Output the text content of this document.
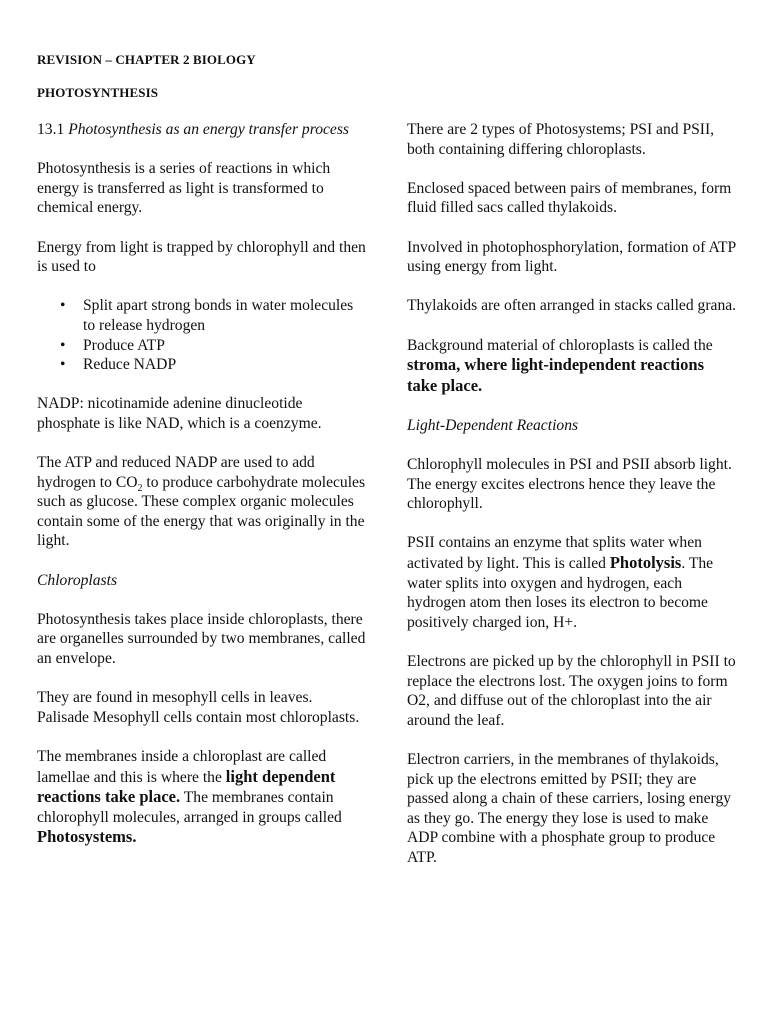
REVISION – CHAPTER 2 BIOLOGY
PHOTOSYNTHESIS

13.1 Photosynthesis as an energy transfer process

Photosynthesis is a series of reactions in which energy is transferred as light is transformed to chemical energy.

Energy from light is trapped by chlorophyll and then is used to

• Split apart strong bonds in water molecules to release hydrogen
• Produce ATP
• Reduce NADP

NADP: nicotinamide adenine dinucleotide phosphate is like NAD, which is a coenzyme.

The ATP and reduced NADP are used to add hydrogen to $CO_2$ to produce carbohydrate molecules such as glucose. These complex organic molecules contain some of the energy that was originally in the light.

Chloroplasts

Photosynthesis takes place inside chloroplasts, there are organelles surrounded by two membranes, called an envelope.

They are found in mesophyll cells in leaves. Palisade Mesophyll cells contain most chloroplasts.

The membranes inside a chloroplast are called lamellae and this is where the light dependent reactions take place. The membranes contain chlorophyll molecules, arranged in groups called Photosystems.

There are 2 types of Photosystems; PSI and PSII, both containing differing chloroplasts.

Enclosed spaced between pairs of membranes, form fluid filled sacs called thylakoids.

Involved in photophosphorylation, formation of ATP using energy from light.

Thylakoids are often arranged in stacks called grana.

Background material of chloroplasts is called the stroma, where light-independent reactions take place.

Light-Dependent Reactions

Chlorophyll molecules in PSI and PSII absorb light. The energy excites electrons hence they leave the chlorophyll.

PSII contains an enzyme that splits water when activated by light. This is called Photolysis. The water splits into oxygen and hydrogen, each hydrogen atom then loses its electron to become positively charged ion, H+.

Electrons are picked up by the chlorophyll in PSII to replace the electrons lost. The oxygen joins to form O2, and diffuse out of the chloroplast into the air around the leaf.

Electron carriers, in the membranes of thylakoids, pick up the electrons emitted by PSII; they are passed along a chain of these carriers, losing energy as they go. The energy they lose is used to make ADP combine with a phosphate group to produce ATP.
